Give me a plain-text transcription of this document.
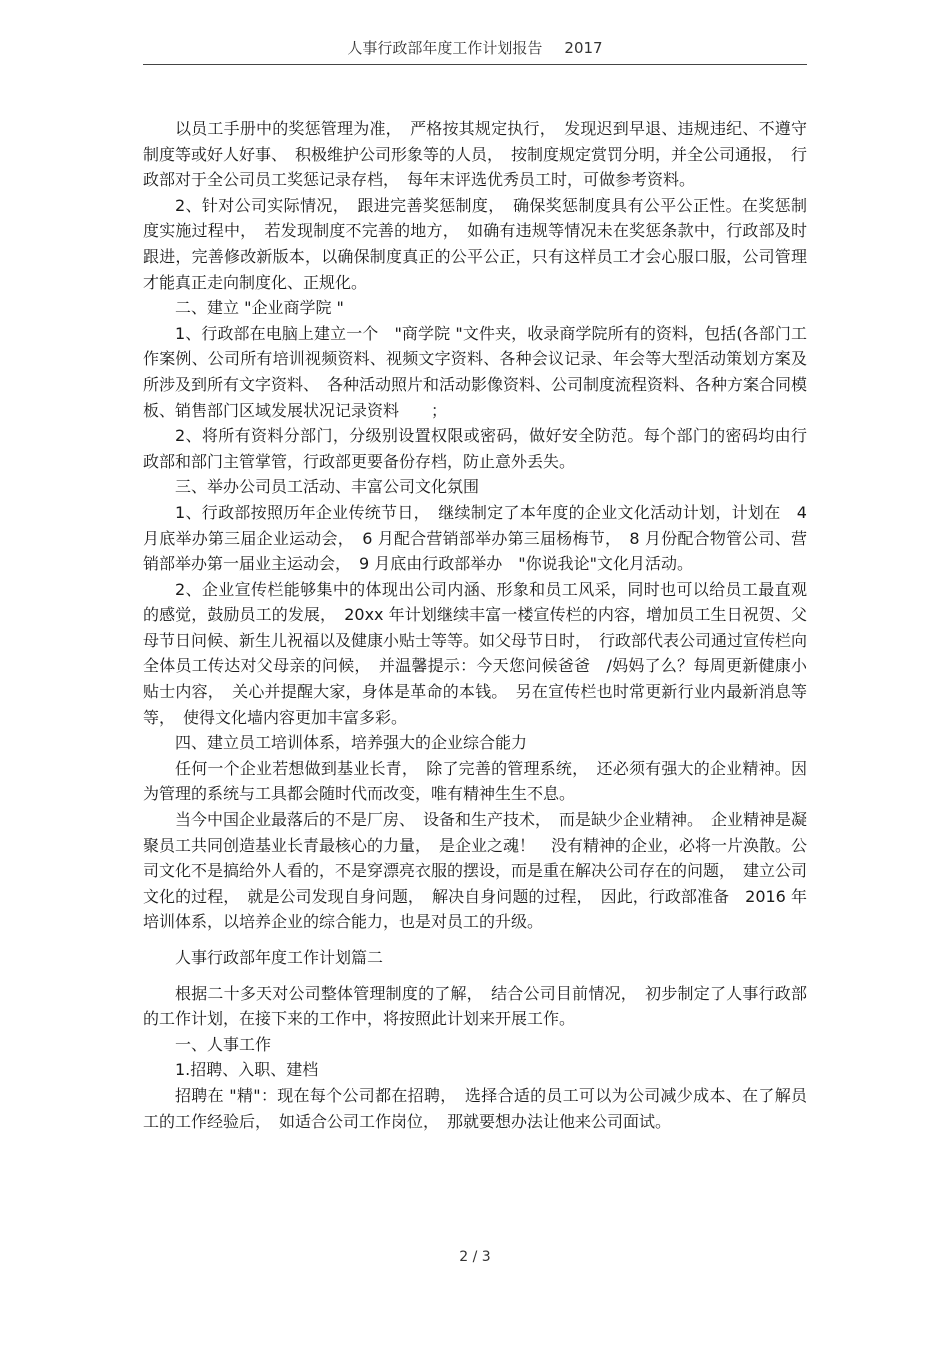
人事行政部年度工作计划报告 2017

以员工手册中的奖惩管理为准，　严格按其规定执行，　发现迟到早退、违规违纪、不遵守制度等或好人好事、　积极维护公司形象等的人员，　按制度规定赏罚分明，并全公司通报，　行政部对于全公司员工奖惩记录存档，　每年末评选优秀员工时，可做参考资料。

2、针对公司实际情况，　跟进完善奖惩制度，　确保奖惩制度具有公平公正性。在奖惩制度实施过程中，　若发现制度不完善的地方，　如确有违规等情况未在奖惩条款中，行政部及时跟进，完善修改新版本，以确保制度真正的公平公正，只有这样员工才会心服口服，公司管理才能真正走向制度化、正规化。

二、建立 "企业商学院 "

1、行政部在电脑上建立一个　"商学院 "文件夹，收录商学院所有的资料，包括(各部门工作案例、公司所有培训视频资料、视频文字资料、各种会议记录、年会等大型活动策划方案及所涉及到所有文字资料、　各种活动照片和活动影像资料、公司制度流程资料、各种方案合同模板、销售部门区域发展状况记录资料　　；

2、将所有资料分部门，分级别设置权限或密码，做好安全防范。每个部门的密码均由行政部和部门主管掌管，行政部更要备份存档，防止意外丢失。

三、举办公司员工活动、丰富公司文化氛围

1、行政部按照历年企业传统节日，　继续制定了本年度的企业文化活动计划，计划在　4 月底举办第三届企业运动会，　6 月配合营销部举办第三届杨梅节，　8 月份配合物管公司、营销部举办第一届业主运动会，　9 月底由行政部举办　"你说我论"文化月活动。

2、企业宣传栏能够集中的体现出公司内涵、形象和员工风采，同时也可以给员工最直观的感觉，鼓励员工的发展，　20xx 年计划继续丰富一楼宣传栏的内容，增加员工生日祝贺、父母节日问候、新生儿祝福以及健康小贴士等等。如父母节日时，　行政部代表公司通过宣传栏向全体员工传达对父母亲的问候，　并温馨提示：今天您问候爸爸　/妈妈了么？每周更新健康小贴士内容，　关心并提醒大家，身体是革命的本钱。　另在宣传栏也时常更新行业内最新消息等等，　使得文化墙内容更加丰富多彩。

四、建立员工培训体系，培养强大的企业综合能力

任何一个企业若想做到基业长青，　除了完善的管理系统，　还必须有强大的企业精神。因为管理的系统与工具都会随时代而改变，唯有精神生生不息。

当今中国企业最落后的不是厂房、　设备和生产技术，　而是缺少企业精神。　企业精神是凝聚员工共同创造基业长青最核心的力量，　是企业之魂！　没有精神的企业，必将一片涣散。公司文化不是搞给外人看的，不是穿漂亮衣服的摆设，而是重在解决公司存在的问题，　建立公司文化的过程，　就是公司发现自身问题，　解决自身问题的过程，　因此，行政部准备　2016 年培训体系，以培养企业的综合能力，也是对员工的升级。

人事行政部年度工作计划篇二

根据二十多天对公司整体管理制度的了解，　结合公司目前情况，　初步制定了人事行政部的工作计划，在接下来的工作中，将按照此计划来开展工作。

一、人事工作

1.招聘、入职、建档

招聘在 "精"：现在每个公司都在招聘，　选择合适的员工可以为公司减少成本、在了解员工的工作经验后，　如适合公司工作岗位，　那就要想办法让他来公司面试。

2 / 3
